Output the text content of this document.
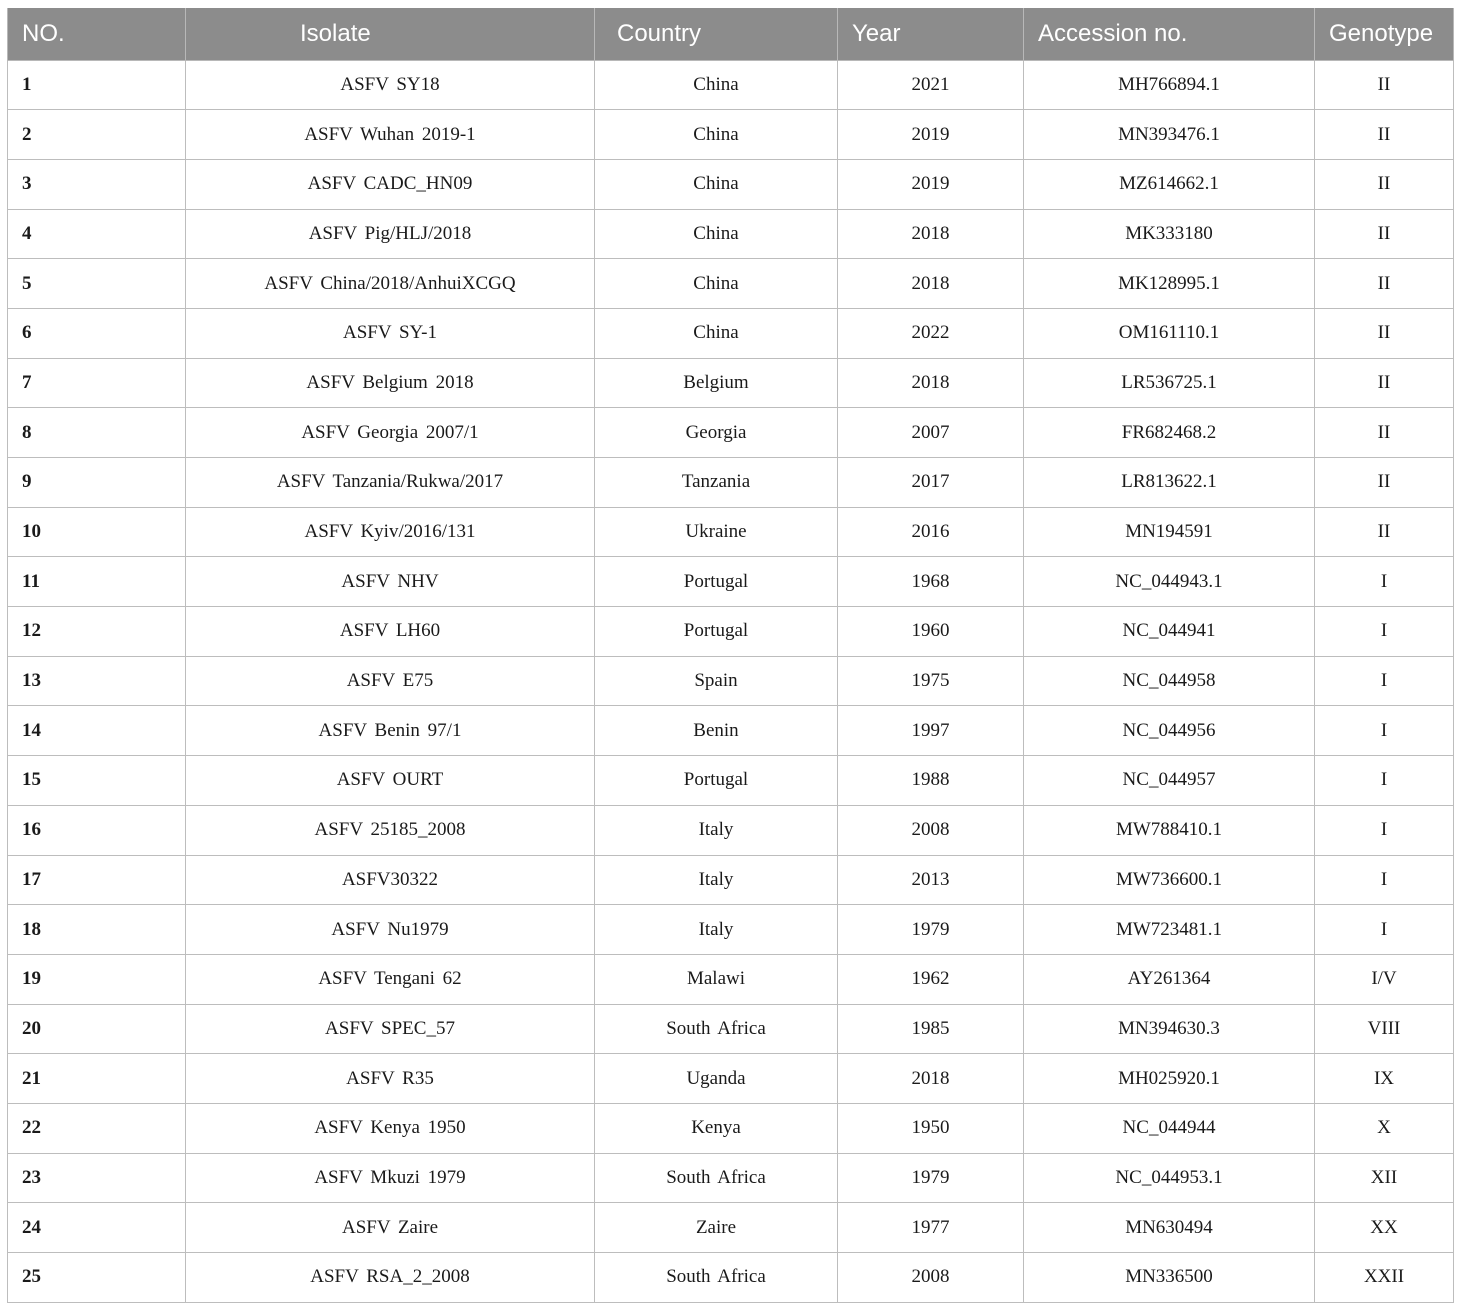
NO.	Isolate	Country	Year	Accession no.	Genotype
1	ASFV SY18	China	2021	MH766894.1	II
2	ASFV Wuhan 2019-1	China	2019	MN393476.1	II
3	ASFV CADC_HN09	China	2019	MZ614662.1	II
4	ASFV Pig/HLJ/2018	China	2018	MK333180	II
5	ASFV China/2018/AnhuiXCGQ	China	2018	MK128995.1	II
6	ASFV SY-1	China	2022	OM161110.1	II
7	ASFV Belgium 2018	Belgium	2018	LR536725.1	II
8	ASFV Georgia 2007/1	Georgia	2007	FR682468.2	II
9	ASFV Tanzania/Rukwa/2017	Tanzania	2017	LR813622.1	II
10	ASFV Kyiv/2016/131	Ukraine	2016	MN194591	II
11	ASFV NHV	Portugal	1968	NC_044943.1	I
12	ASFV LH60	Portugal	1960	NC_044941	I
13	ASFV E75	Spain	1975	NC_044958	I
14	ASFV Benin 97/1	Benin	1997	NC_044956	I
15	ASFV OURT	Portugal	1988	NC_044957	I
16	ASFV 25185_2008	Italy	2008	MW788410.1	I
17	ASFV30322	Italy	2013	MW736600.1	I
18	ASFV Nu1979	Italy	1979	MW723481.1	I
19	ASFV Tengani 62	Malawi	1962	AY261364	I/V
20	ASFV SPEC_57	South Africa	1985	MN394630.3	VIII
21	ASFV R35	Uganda	2018	MH025920.1	IX
22	ASFV Kenya 1950	Kenya	1950	NC_044944	X
23	ASFV Mkuzi 1979	South Africa	1979	NC_044953.1	XII
24	ASFV Zaire	Zaire	1977	MN630494	XX
25	ASFV RSA_2_2008	South Africa	2008	MN336500	XXII
